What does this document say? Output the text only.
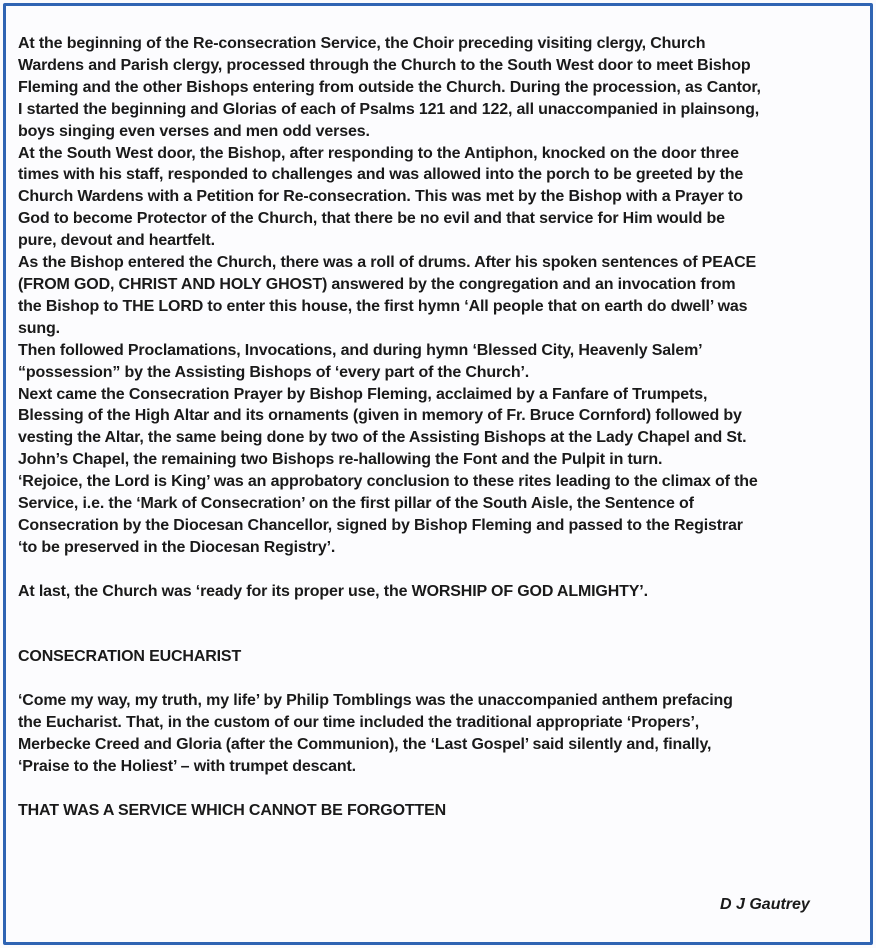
At the beginning of the Re-consecration Service, the Choir preceding visiting clergy, Church

Wardens and Parish clergy, processed through the Church to the South West door to meet Bishop

Fleming and the other Bishops entering from outside the Church. During the procession, as Cantor,

I started the beginning and Glorias of each of Psalms 121 and 122, all unaccompanied in plainsong,

boys singing even verses and men odd verses.

At the South West door, the Bishop, after responding to the Antiphon, knocked on the door three

times with his staff, responded to challenges and was allowed into the porch to be greeted by the

Church Wardens with a Petition for Re-consecration. This was met by the Bishop with a Prayer to

God to become Protector of the Church, that there be no evil and that service for Him would be

pure, devout and heartfelt.

As the Bishop entered the Church, there was a roll of drums. After his spoken sentences of PEACE

(FROM GOD, CHRIST AND HOLY GHOST) answered by the congregation and an invocation from

the Bishop to THE LORD to enter this house, the first hymn ‘All people that on earth do dwell’ was

sung.

Then followed Proclamations, Invocations, and during hymn ‘Blessed City, Heavenly Salem’

“possession” by the Assisting Bishops of ‘every part of the Church’.

Next came the Consecration Prayer by Bishop Fleming, acclaimed by a Fanfare of Trumpets,

Blessing of the High Altar and its ornaments (given in memory of Fr. Bruce Cornford) followed by

vesting the Altar, the same being done by two of the Assisting Bishops at the Lady Chapel and St.

John’s Chapel, the remaining two Bishops re-hallowing the Font and the Pulpit in turn.

‘Rejoice, the Lord is King’ was an approbatory conclusion to these rites leading to the climax of the

Service, i.e. the ‘Mark of Consecration’ on the first pillar of the South Aisle, the Sentence of

Consecration by the Diocesan Chancellor, signed by Bishop Fleming and passed to the Registrar

‘to be preserved in the Diocesan Registry’.

At last, the Church was ‘ready for its proper use, the WORSHIP OF GOD ALMIGHTY’.

CONSECRATION EUCHARIST

‘Come my way, my truth, my life’ by Philip Tomblings was the unaccompanied anthem prefacing

the Eucharist. That, in the custom of our time included the traditional appropriate ‘Propers’,

Merbecke Creed and Gloria (after the Communion), the ‘Last Gospel’ said silently and, finally,

‘Praise to the Holiest’ – with trumpet descant.

THAT WAS A SERVICE WHICH CANNOT BE FORGOTTEN

D J Gautrey
